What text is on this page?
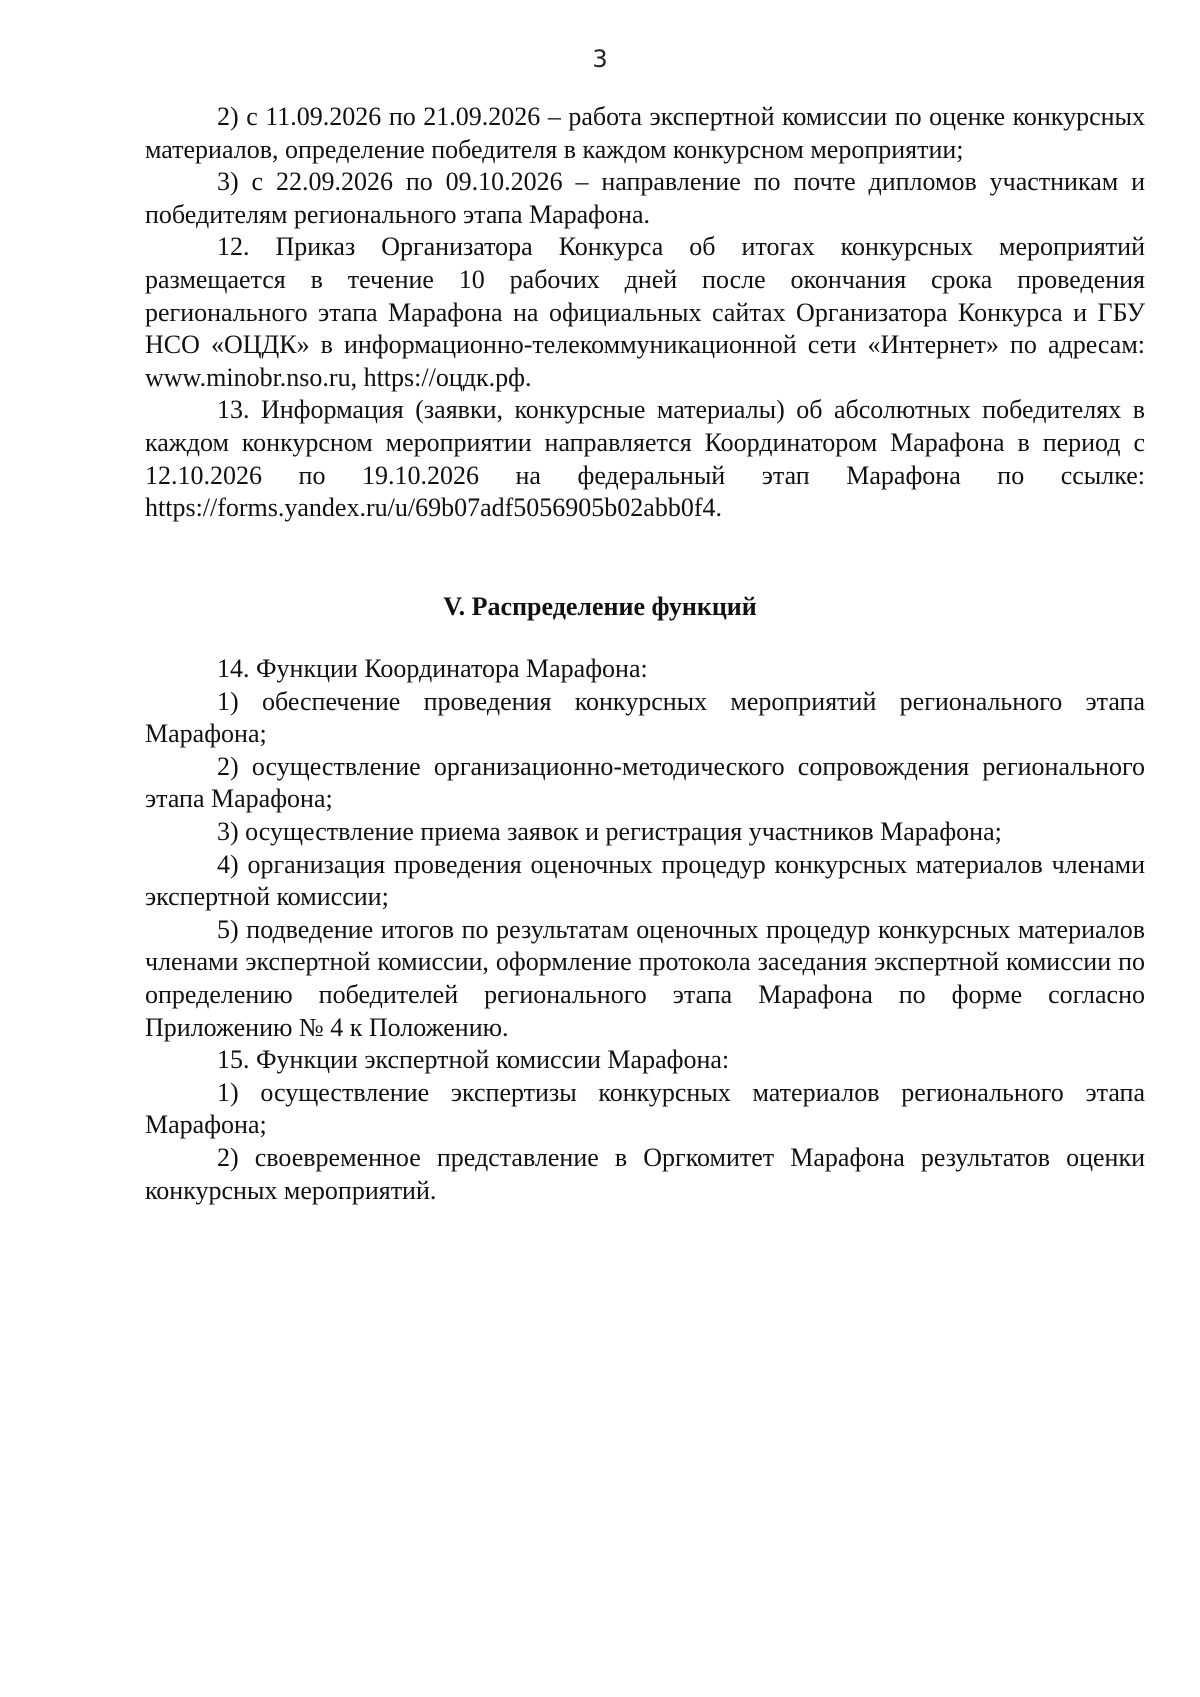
3

2) с 11.09.2026 по 21.09.2026 – работа экспертной комиссии по оценке конкурсных материалов, определение победителя в каждом конкурсном мероприятии;

3) с 22.09.2026 по 09.10.2026 – направление по почте дипломов участникам и победителям регионального этапа Марафона.

12. Приказ Организатора Конкурса об итогах конкурсных мероприятий размещается в течение 10 рабочих дней после окончания срока проведения регионального этапа Марафона на официальных сайтах Организатора Конкурса и ГБУ НСО «ОЦДК» в информационно-телекоммуникационной сети «Интернет» по адресам: www.minobr.nso.ru, https://оцдк.рф.

13. Информация (заявки, конкурсные материалы) об абсолютных победителях в каждом конкурсном мероприятии направляется Координатором Марафона в период с 12.10.2026 по 19.10.2026 на федеральный этап Марафона по ссылке: https://forms.yandex.ru/u/69b07adf5056905b02abb0f4.

V. Распределение функций

14. Функции Координатора Марафона:

1) обеспечение проведения конкурсных мероприятий регионального этапа Марафона;

2) осуществление организационно-методического сопровождения регионального этапа Марафона;

3) осуществление приема заявок и регистрация участников Марафона;

4) организация проведения оценочных процедур конкурсных материалов членами экспертной комиссии;

5) подведение итогов по результатам оценочных процедур конкурсных материалов членами экспертной комиссии, оформление протокола заседания экспертной комиссии по определению победителей регионального этапа Марафона по форме согласно Приложению № 4 к Положению.

15. Функции экспертной комиссии Марафона:

1) осуществление экспертизы конкурсных материалов регионального этапа Марафона;

2) своевременное представление в Оргкомитет Марафона результатов оценки конкурсных мероприятий.
